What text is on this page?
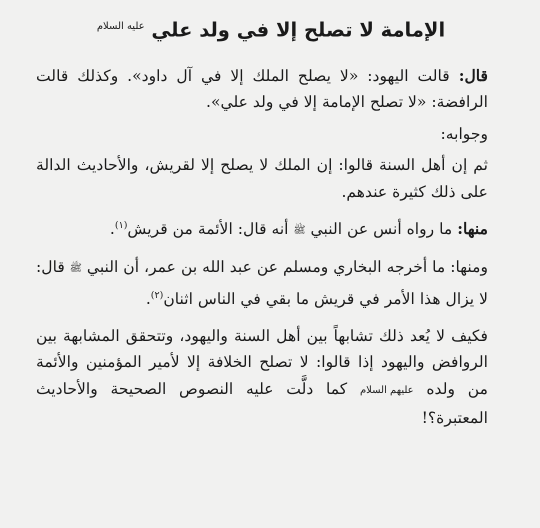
الإمامة لا تصلح إلا في ولد علي $^{عليه السلام}$

قال: قالت اليهود: «لا يصلح الملك إلا في آل داود». وكذلك قالت الرافضة: «لا تصلح الإمامة إلا في ولد علي».

وجوابه:

ثم إن أهل السنة قالوا: إن الملك لا يصلح إلا لقريش، والأحاديث الدالة على ذلك كثيرة عندهم.

منها: ما رواه أنس عن النبي ﷺ أنه قال: الأئمة من قريش$^{(١)}$.

ومنها: ما أخرجه البخاري ومسلم عن عبد الله بن عمر، أن النبي ﷺ قال: لا يزال هذا الأمر في قريش ما بقي في الناس اثنان$^{(٢)}$.

فكيف لا يُعد ذلك تشابهاً بين أهل السنة واليهود، وتتحقق المشابهة بين الروافض واليهود إذا قالوا: لا تصلح الخلافة إلا لأمير المؤمنين والأئمة من ولده عليهم السلام كما دلَّت عليه النصوص الصحيحة والأحاديث المعتبرة؟!
